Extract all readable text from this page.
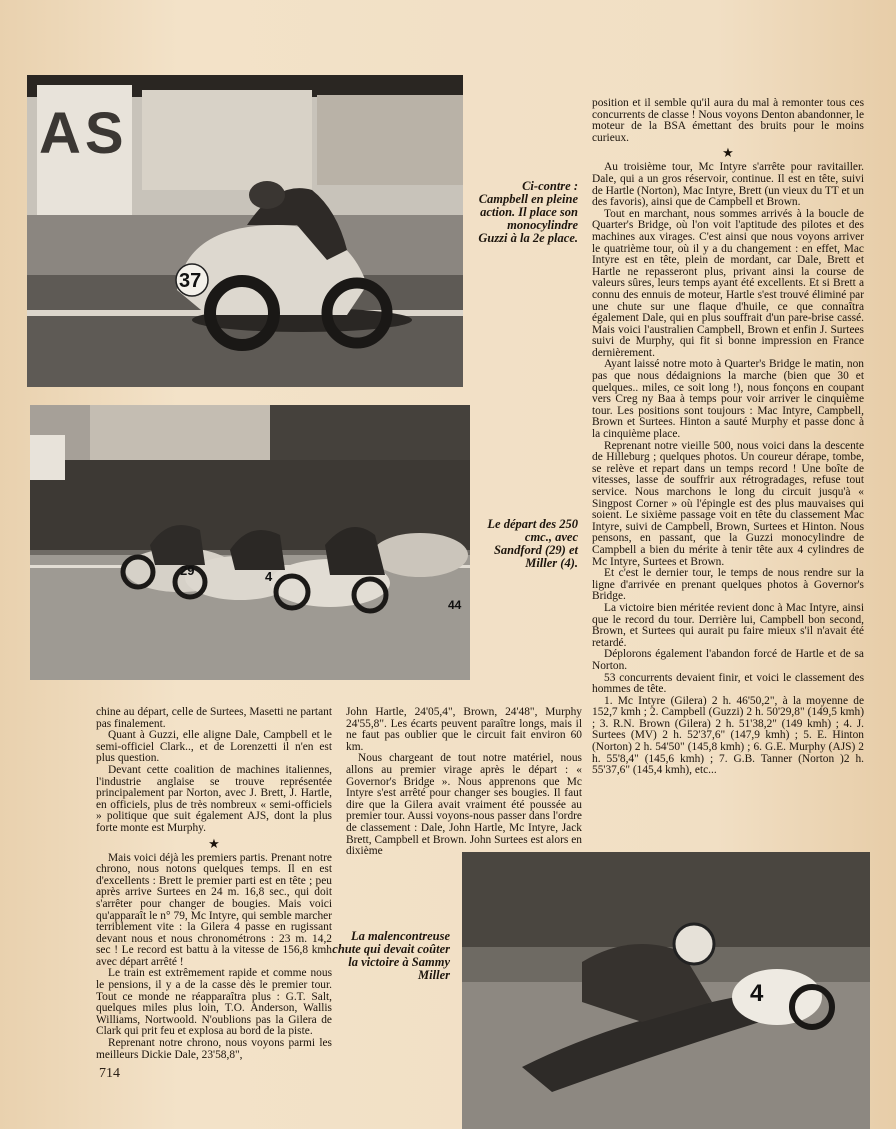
AS
37
Ci-contre : Campbell en pleine action. Il place son monocylindre Guzzi à la 2e place.
29	4
44
Le départ des 250 cmc., avec Sandford (29) et Miller (4).
4
La malencontreuse chute qui devait coûter la victoire à Sammy Miller

position et il semble qu'il aura du mal à remonter tous ces concurrents de classe ! Nous voyons Denton abandonner, le moteur de la BSA émettant des bruits pour le moins curieux.

★

Au troisième tour, Mc Intyre s'arrête pour ravitailler. Dale, qui a un gros réservoir, continue. Il est en tête, suivi de Hartle (Norton), Mac Intyre, Brett (un vieux du TT et un des favoris), ainsi que de Campbell et Brown.

Tout en marchant, nous sommes arrivés à la boucle de Quarter's Bridge, où l'on voit l'aptitude des pilotes et des machines aux virages. C'est ainsi que nous voyons arriver le quatrième tour, où il y a du changement : en effet, Mac Intyre est en tête, plein de mordant, car Dale, Brett et Hartle ne repasseront plus, privant ainsi la course de valeurs sûres, leurs temps ayant été excellents. Et si Brett a connu des ennuis de moteur, Hartle s'est trouvé éliminé par une chute sur une flaque d'huile, ce que connaîtra également Dale, qui en plus souffrait d'un pare-brise cassé. Mais voici l'australien Campbell, Brown et enfin J. Surtees suivi de Murphy, qui fit si bonne impression en France dernièrement.

Ayant laissé notre moto à Quarter's Bridge le matin, non pas que nous dédaignions la marche (bien que 30 et quelques.. miles, ce soit long !), nous fonçons en coupant vers Creg ny Baa à temps pour voir arriver le cinquième tour. Les positions sont toujours : Mac Intyre, Campbell, Brown et Surtees. Hinton a sauté Murphy et passe donc à la cinquième place.

Reprenant notre vieille 500, nous voici dans la descente de Hilleburg ; quelques photos. Un coureur dérape, tombe, se relève et repart dans un temps record ! Une boîte de vitesses, lasse de souffrir aux rétrogradages, refuse tout service. Nous marchons le long du circuit jusqu'à « Singpost Corner » où l'épingle est des plus mauvaises qui soient. Le sixième passage voit en tête du classement Mac Intyre, suivi de Campbell, Brown, Surtees et Hinton. Nous pensons, en passant, que la Guzzi monocylindre de Campbell a bien du mérite à tenir tête aux 4 cylindres de Mc Intyre, Surtees et Brown.

Et c'est le dernier tour, le temps de nous rendre sur la ligne d'arrivée en prenant quelques photos à Governor's Bridge.

La victoire bien méritée revient donc à Mac Intyre, ainsi que le record du tour. Derrière lui, Campbell bon second, Brown, et Surtees qui aurait pu faire mieux s'il n'avait été retardé.

Déplorons également l'abandon forcé de Hartle et de sa Norton.

53 concurrents devaient finir, et voici le classement des hommes de tête.

1. Mc Intyre (Gilera) 2 h. 46'50,2", à la moyenne de 152,7 kmh ; 2. Campbell (Guzzi) 2 h. 50'29,8" (149,5 kmh) ; 3. R.N. Brown (Gilera) 2 h. 51'38,2" (149 kmh) ; 4. J. Surtees (MV) 2 h. 52'37,6" (147,9 kmh) ; 5. E. Hinton (Norton) 2 h. 54'50" (145,8 kmh) ; 6. G.E. Murphy (AJS) 2 h. 55'8,4" (145,6 kmh) ; 7. G.B. Tanner (Norton )2 h. 55'37,6" (145,4 kmh), etc...

chine au départ, celle de Surtees, Masetti ne partant pas finalement.

Quant à Guzzi, elle aligne Dale, Campbell et le semi-officiel Clark.., et de Lorenzetti il n'en est plus question.

Devant cette coalition de machines italiennes, l'industrie anglaise se trouve représentée principalement par Norton, avec J. Brett, J. Hartle, en officiels, plus de très nombreux « semi-officiels » politique que suit également AJS, dont la plus forte monte est Murphy.

★

Mais voici déjà les premiers partis. Prenant notre chrono, nous notons quelques temps. Il en est d'excellents : Brett le premier parti est en tête ; peu après arrive Surtees en 24 m. 16,8 sec., qui doit s'arrêter pour changer de bougies. Mais voici qu'apparaît le n° 79, Mc Intyre, qui semble marcher terriblement vite : la Gilera 4 passe en rugissant devant nous et nous chronométrons : 23 m. 14,2 sec ! Le record est battu à la vitesse de 156,8 kmh avec départ arrêté !

Le train est extrêmement rapide et comme nous le pensions, il y a de la casse dès le premier tour. Tout ce monde ne réapparaîtra plus : G.T. Salt, quelques miles plus loin, T.O. Anderson, Wallis Williams, Nortwoold. N'oublions pas la Gilera de Clark qui prit feu et explosa au bord de la piste.

Reprenant notre chrono, nous voyons parmi les meilleurs Dickie Dale, 23'58,8",

John Hartle, 24'05,4", Brown, 24'48", Murphy 24'55,8". Les écarts peuvent paraître longs, mais il ne faut pas oublier que le circuit fait environ 60 km.

Nous chargeant de tout notre matériel, nous allons au premier virage après le départ : « Governor's Bridge ». Nous apprenons que Mc Intyre s'est arrêté pour changer ses bougies. Il faut dire que la Gilera avait vraiment été poussée au premier tour. Aussi voyons-nous passer dans l'ordre de classement : Dale, John Hartle, Mc Intyre, Jack Brett, Campbell et Brown. John Surtees est alors en dixième

714
